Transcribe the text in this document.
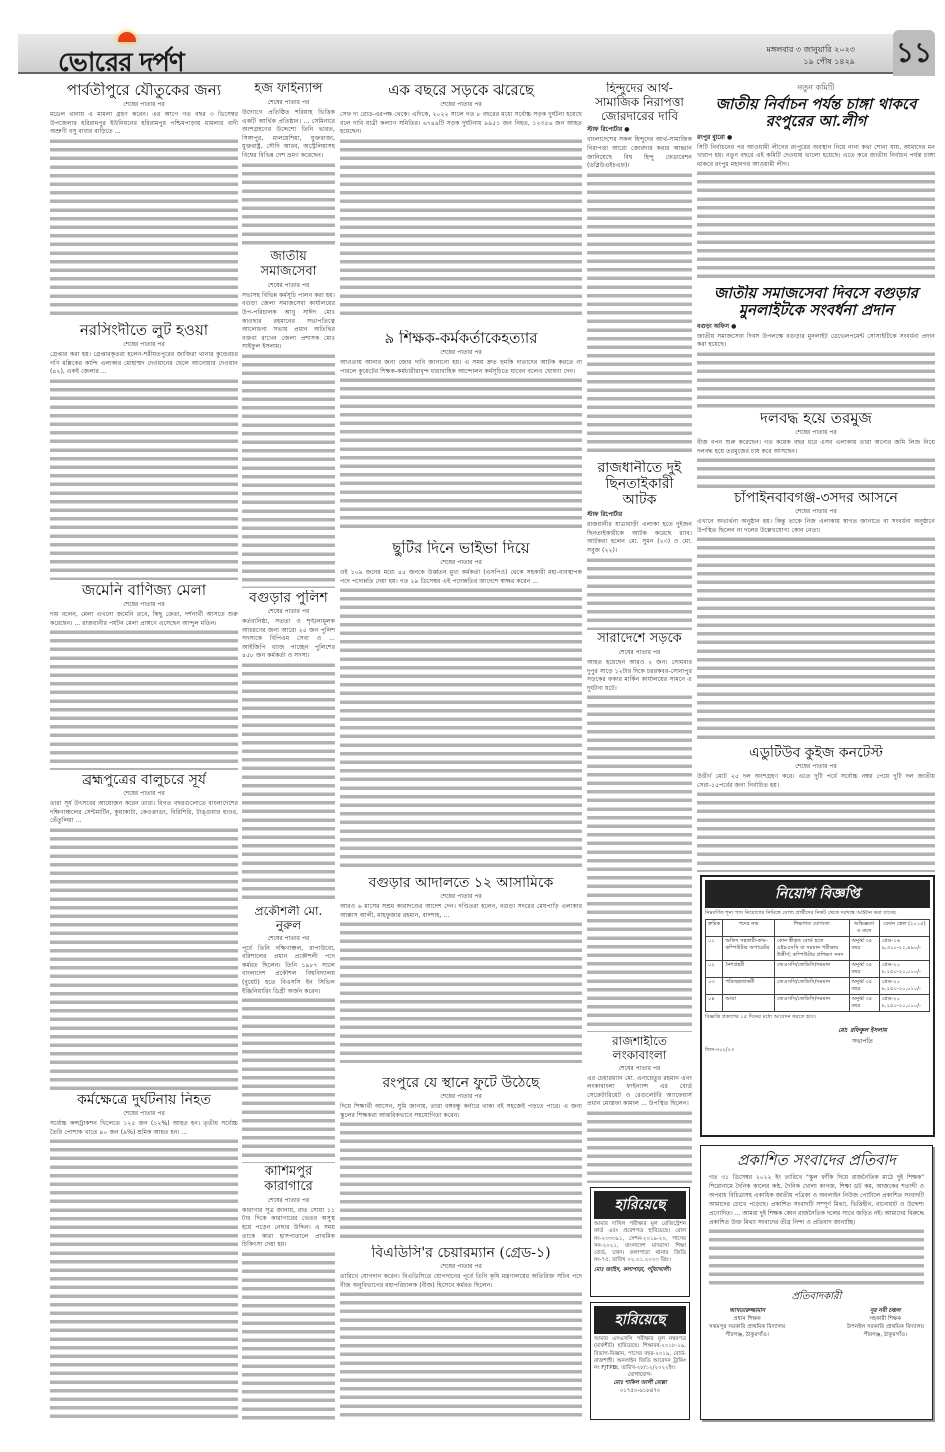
ভোরের দর্পণ	মঙ্গলবার ৩ জানুয়ারি ২০২৩
১৯ পৌষ ১৪২৯ ১১
পার্বতীপুরে যৌতুকের জন্য
শেষের পাতার পর
মডেল থানায় এ মামলা গ্রহণ করেন। এর আগে গত বছর ৩ ডিসেম্বর উপজেলার হরিরামপুর ইউনিয়নের হরিরামপুর পশ্চিমপাড়ায় মামলার বাদী অশ্রুণী বসু বাবার বাড়িতে ...
নরসিংদীতে লুট হওয়া
শেষের পাতার পর
গ্রেপ্তার করা হয়। গ্রেপ্তারকৃতরা হলেন-শরীয়তপুরের জাজিরা থানার কুন্ডেরচর গণি মল্লিকের কান্দি এলাকার মোহাম্মদ দেওয়ানের ছেলে আনোয়ার দেওয়ান (৪২), একই জেলার ...
জমেনি বাণিজ্য মেলা
শেষের পাতার পর
দাম বলেন, মেলা এখনো জমেনি তবে, কিছু ক্রেতা, দর্শনার্থী আসতে শুরু করেছেন। ... রাজধানীর পর্যটন মেলা প্রাঙ্গণে এসেছেন আন্দুল মতিন।
ব্রহ্মপুত্রের বালুচরে সূর্য
শেষের পাতার পর
তারা সূর্য উৎসবের আয়োজন করেন তারা। বিগত বছরগুলোতে বাংলাদেশের দক্ষিণাঞ্চলের সেন্টমার্টিন, কুয়াকাটা, কেওক্রাডং, বিরিশিরি, টাঙ্গুয়ার হাওর, তেঁতুলিয়া ...
কর্মক্ষেত্রে দুর্ঘটনায় নিহত
শেষের পাতার পর
সর্বোচ্চ কন্সট্রাকশন খিলেতে ১২৫ জন (১২%) আহত হন। তৃতীয় সর্বোচ্চ তৈরি পোশাক খাতে ৯০ জন (৯%) শ্রমিক আহত হন। ...
হজ ফাইন্যান্স
শেষের পাতার পর
উদ্যোগে প্রতিষ্ঠিত শরিয়াহ ভিত্তিক একটি আর্থিক প্রতিষ্ঠান। ... সেমিনারে অংশগ্রহণের উদ্দেশ্যে তিনি ভারত, সিঙ্গাপুর, মালয়েশিয়া, যুক্তরাজ্য, যুক্তরাষ্ট্র, সৌদি আরব, অস্ট্রেলিয়াসহ বিশ্বের বিভিন্ন দেশ ভ্রমণ করেছেন।
জাতীয় সমাজসেবা
শেষের পাতার পর
সভাসহ বিভিন্ন কর্মসূচি পালন করা হয়। বগুড়া জেলা সমাজসেবা কার্যালয়ের উপ-পরিচালক আবু সাঈদ মোঃ কাওছার রহমানের সভাপতিত্বে আলোচনা সভায় প্রধান অতিথির বক্তব্য রাখেন জেলা প্রশাসক মোঃ সাইফুল ইসলাম।
বগুড়ার পুলিশ
শেষের পাতার পর
কর্তব্যনিষ্ঠা, সততা ও শৃঙ্খলামূলক আচরণের জন্য আরো ২৫ জন পুলিশ সদস্যকে বিপিএম সেবা ও ... আইজিপি ব্যাজ পাচ্ছেন পুলিশের ৪৫৮ জন কর্মকর্তা ও সদস্য।
প্রকৌশলী মো. নুরুল
শেষের পাতার পর
পূর্বে তিনি দক্ষিণাঞ্চল, বাপাউবো, বরিশালের প্রধান প্রকৌশলী পদে কর্মরত ছিলেন। তিনি ১৯৮৭ সালে বাংলাদেশ প্রকৌশল বিশ্ববিদ্যালয় (বুয়েট) হতে বিএসসি ইন সিভিল ইঞ্জিনিয়ারিং ডিগ্রী অর্জন করেন।
কাশিমপুর কারাগারে
শেষের পাতার পর
কারাগার সূত্র জানায়, রাত সোয়া ১১ টার দিকে কারাগারের ভেতর অসুস্থ হয়ে পড়েন নেছার উদ্দিন। এ সময় তাকে কারা হাসপাতালে প্রাথমিক চিকিৎসা দেয়া হয়।
এক বছরে সড়কে ঝরেছে
শেষের পাতার পর
সেফ দ্য রোড-এরপক্ষ থেকে। এদিকে, ২০২২ সালে গত ৮ বছরের মধ্যে সর্বোচ্চ সড়ক দুর্ঘটনা হয়েছে বলে দাবি যাত্রী কল্যাণ সমিতির। ৬৭৪৯টি সড়ক দুর্ঘটনায় ৯৯৫১ জন নিহত, ১২৩৫৬ জন আহত হয়েছেন।
৯ শিক্ষক-কর্মকর্তাকেহত্যার
শেষের পাতার পর
আওতায় আনার জন্য জোর দাবি জানানো হয়। এ সময় দ্রুত হুমকি দাতাদের আটক করতে না পারলে কুয়েটের শিক্ষক-কর্মচারীরাবৃন্দ ধারাবাহিক আন্দোলন কর্মসূচিতে যাবেন বলেও ঘোষণা দেন।
ছুটির দিনে ভাইভা দিয়ে
শেষের পাতার পর
ওই ১০৯ জনের মধ্যে ৪৫ জনকে উর্ধ্বতন মুখ্য কর্মকর্তা (এসপিও) থেকে সহকারী মহা-ব্যবস্থাপক পদে পদোন্নতি দেয়া হয়। গত ২৯ ডিসেম্বর এই পদোন্নতির আদেশে স্বাক্ষর করেন ...
বগুড়ার আদালতে ১২ আসামিকে
শেষের পাতার পর
আরও ৬ মাসের সশ্রম কারাদণ্ডের আদেশ দেন। দণ্ডিতরা হলেন, বগুড়া সদরের মেঘপাড়ি এলাকার আক্কাস আলী, মাহফুজার রহমান, বাদশাহ, ...
রংপুরে যে স্থানে ফুটে উঠেছে
শেষের পাতার পর
দিয়ে শিক্ষার্থী আসেন, সুমি জানায়, তারা বঙ্গবন্ধু কর্নারে থাকা বই সহজেই পড়তে পারে। এ জন্য স্কুলের শিক্ষকরা আন্তরিকভাবে সহযোগিতা করেন।
বিএডিসি'র চেয়ারম্যান (গ্রেড-১)
শেষের পাতার পর
তারিখে যোগদান করেন। বিএডিসিতে যোগদানের পূর্বে তিনি কৃষি মন্ত্রণালয়ের অতিরিক্ত সচিব পদে বীজ অনুবিভাগের মহাপরিচালক (বীজ) হিসেবে কর্মরত ছিলেন।
হিন্দুদের আর্থ-সামাজিক নিরাপত্তা জোরদারের দাবি
স্টাফ রিপোর্টার ●
বাংলাদেশের সকল হিন্দুদের আর্থ-সামাজিক নিরাপত্তা আরো জোরদার করার আহ্বান জানিয়েছে বিশ্ব হিন্দু ফেডারেশন (ডব্লিউএইচএফ)।
রাজধানীতে দুই ছিনতাইকারী আটক
স্টাফ রিপোর্টার
রাজধানীর যাত্রাবাড়ী এলাকা হতে দুইজন ছিনতাইকারীকে আটক করেছে র‍্যাব। আটকরা হলেন মো. সুমন (২৩) ও মো. সবুজ (২২)।
সারাদেশে সড়কে
শেষের পাতার পর
আহত হয়েছেন আরও ২ জন। সোমবার দুপুর সাড়ে ১২টার দিকে চররকবর-সোনাপুর সড়কের ফকার মার্কিন কার্যালয়ের সামনে এ দুর্ঘটনা ঘটে।
রাজশাহীতে লংকাবাংলা
শেষের পাতার পর
এর চেয়ারম্যান মো. এনায়েতুর রহমান এবং লংকাবাংলা ফাইন্যান্স এর বোর্ড সেক্রেটারিয়েট ও রেগুলেটরি অ্যাফেয়ার্স প্রধান মোস্তফা কামাল ... উপস্থিত ছিলেন।
নতুন কমিটি
জাতীয় নির্বাচন পর্যন্ত চাঙ্গা থাকবে রংপুরের আ.লীগ
রংপুর ব্যুরো ●
সিটি নির্বাচনের পর আওয়ামী লীগের রংপুরের অবস্থান নিয়ে নানা কথা শোনা যায়, আমাদের মন খারাপ হয়। নতুন বছরে এই কমিটি দেওয়ায় ভালো হয়েছে। এতে করে জাতীয় নির্বাচন পর্যন্ত চাঙ্গা থাকবে রংপুর মহানগর আওয়ামী লীগ।
জাতীয় সমাজসেবা দিবসে বগুড়ার মুনলাইটকে সংবর্ধনা প্রদান
বগুড়া অফিস ●
জাতীয় সমাজসেবা দিবস উপলক্ষে বগুড়ার মুনলাইট ডেভেলপমেন্ট সোসাইটিকে সংবর্ধনা প্রদান করা হয়েছে।
দলবদ্ধ হয়ে তরমুজ
শেষের পাতার পর
বীজ বপন শুরু করেছেন। গত কয়েক বছর ধরে এসব এলাকায় তারা অন্যের জমি লিজ নিয়ে দলবদ্ধ হয়ে তরমুজের চাষ করে আসছেন।
চাঁপাইনবাবগঞ্জ-৩সদর আসনে
শেষের পাতার পর
এখানে অভ্যর্থনা অনুষ্ঠান হয়। কিন্তু তাকে নিজ এলাকায় স্বাগত জানাতে বা সংবর্ধনা অনুষ্ঠানে উপস্থিত ছিলেন না দলের উল্লেখযোগ্য কোন নেতা।
এডুটিউব কুইজ কনটেস্ট
শেষের পাতার পর
উত্তীর্ণ মোট ২৫ দল অংশগ্রহণ করে। এতে দুটি পর্বে সর্বোচ্চ নম্বর পেয়ে দুটি দল জাতীয় সেরা-১৫পর্বের জন্য নির্বাচিত হয়।
নিয়োগ বিজ্ঞপ্তি
নিম্নবর্ণিত শূন্য পদে নিয়োগের নিমিত্তে যোগ্য প্রার্থীদের নিকট থেকে দরখাস্ত আহ্বান করা যাচ্ছে।
ক্রমিক	পদের নাম	শিক্ষাগত যোগ্যতা	অভিজ্ঞতা ও বয়স	বেতন স্কেল (২০১৫)
০১	অফিস সহকারী-কাম-কম্পিউটার অপারেটর	কোন স্বীকৃত বোর্ড হতে এইচএসসি বা সমমান পরীক্ষায় উত্তীর্ণ; কম্পিউটার প্রশিক্ষণ সনদ	অনুর্ধ্ব ৩৫ বছর	গ্রেড-১৬ ৯,৩০০-২২,৪৯০/-
০২	নৈশপ্রহরী	জেএসসি/জেডিসি/সমমান	অনুর্ধ্ব ৩৫ বছর	গ্রেড-২০ ৮,২৫০-২০,০১০/-
০৩	পরিচ্ছন্নতাকর্মী	জেএসসি/জেডিসি/সমমান	অনুর্ধ্ব ৩৫ বছর	গ্রেড-২০ ৮,২৫০-২০,০১০/-
০৪	আয়া	জেএসসি/জেডিসি/সমমান	অনুর্ধ্ব ৩৫ বছর	গ্রেড-২০ ৮,২৫০-২০,০১০/-
বিজ্ঞপ্তি প্রকাশের ১৫ দিনের মধ্যে আবেদন করতে হবে।
মো: রফিকুল ইসলাম
সভাপতি
জিস-৩০২/২৩
হারিয়েছে
আমার দাখিল পরীক্ষার মূল রেজিস্ট্রেশন কার্ড এবং প্রবেশপত্র হারিয়েছে। রোল নং-২৩৩৩৯১, সেশন-২০১৯-২০, পাসের সন-২০২১, বাংলাদেশ মাদরাসা শিক্ষা বোর্ড, ঢাকা। কলাপাড়া থানার জিডি নং-৭৫, তারিখ ০২.০১.২০২৩ খ্রিঃ।
মোঃ জাহিদ, কলাপাড়া, পটুয়াখালী।
হারিয়েছে
আমার এসএসসি পরীক্ষার মূল নম্বরপত্র (মার্কশীট) হারিয়েছে। শিক্ষাবর্ষ-২০১৮-১৯, বিভাগ-বিজ্ঞান, পাসের বছর-২০১৯, বোর্ড-রাজশাহী। অনলাইন জিডি আবেদন ট্রাকিং নং FJTPBI, তারিখ-২৮/১২/২০২২ইং।
যোগাযোগ-
মোঃ শাকিল আলী মোল্লা
০১৭৫০-৬১৮৪৭০
প্রকাশিত সংবাদের প্রতিবাদ
গত ৩১ ডিসেম্বর ২০২২ ইং তারিখে "স্কুল ফাঁকি দিয়ে রাজনৈতিক মাঠে দুই শিক্ষক" শিরোনামে দৈনিক কালের কণ্ঠ, দৈনিক খোলা কাগজ, শিক্ষা ডট কম, আজকের শতাব্দী ও অপরাধ বিচিত্রাসহ একাধিক জাতীয় পত্রিকা ও অনলাইন নিউজ পোর্টালে প্রকাশিত সংবাদটি আমাদের চোখে পড়েছে। প্রকাশিত সংবাদটি সম্পূর্ণ মিথ্যা, ভিত্তিহীন, বানোয়াট ও উদ্দেশ্য প্রণোদিত। ... আমরা দুই শিক্ষক কোন রাজনৈতিক দলের সাথে জড়িত নই। আমাদের বিরুদ্ধে প্রকাশিত উক্ত মিথ্যা সংবাদের তীব্র নিন্দা ও প্রতিবাদ জানাচ্ছি।
প্রতিবাদকারী
আখতারুজ্জামান
প্রধান শিক্ষক
সন্তমপুর সরকারি প্রাথমিক বিদ্যালয়
পীরগঞ্জ, ঠাকুরগাঁও।
নূর নবী চঞ্চল
সহকারী শিক্ষক
উপনইল সরকারি প্রাথমিক বিদ্যালয়
পীরগঞ্জ, ঠাকুরগাঁও।
